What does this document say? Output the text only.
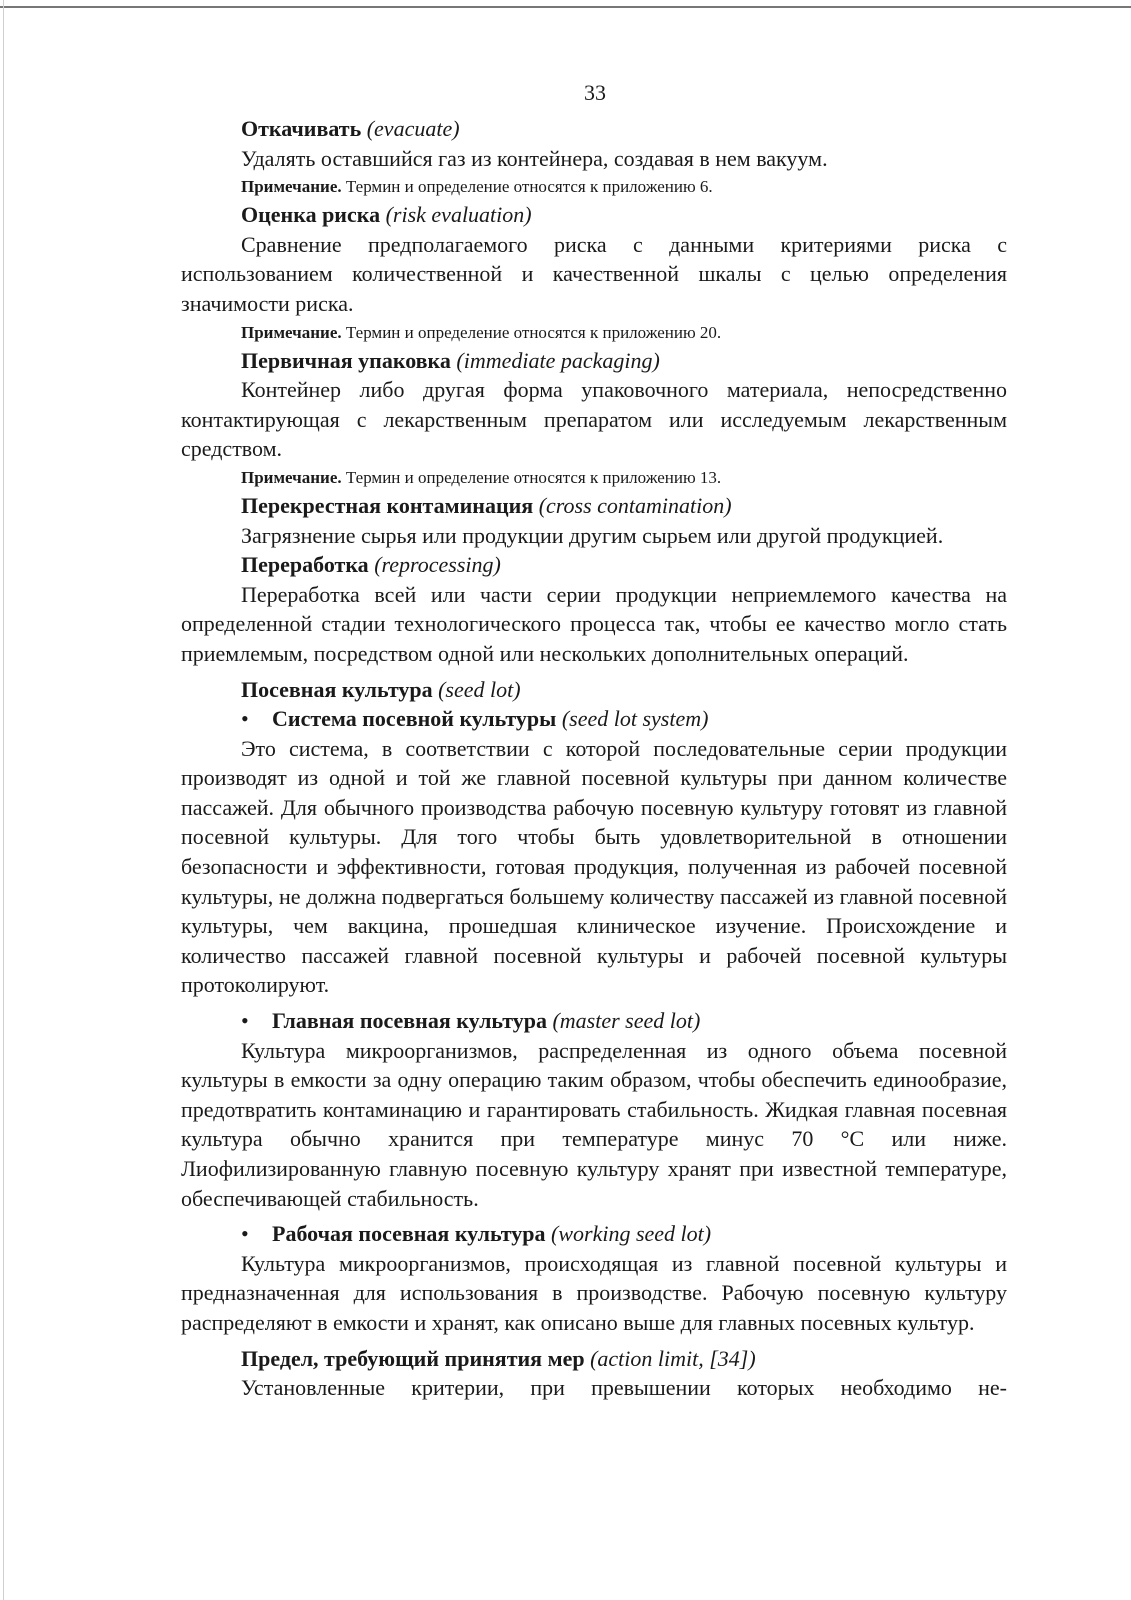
33

Откачивать (evacuate)

Удалять оставшийся газ из контейнера, создавая в нем вакуум.

Примечание. Термин и определение относятся к приложению 6.

Оценка риска (risk evaluation)

Сравнение предполагаемого риска с данными критериями риска с использованием количественной и качественной шкалы с целью определения значимости риска.

Примечание. Термин и определение относятся к приложению 20.

Первичная упаковка (immediate packaging)

Контейнер либо другая форма упаковочного материала, непосредственно контактирующая с лекарственным препаратом или исследуемым лекарственным средством.

Примечание. Термин и определение относятся к приложению 13.

Перекрестная контаминация (cross contamination)

Загрязнение сырья или продукции другим сырьем или другой продукцией.

Переработка (reprocessing)

Переработка всей или части серии продукции неприемлемого качества на определенной стадии технологического процесса так, чтобы ее качество могло стать приемлемым, посредством одной или нескольких дополнительных операций.

Посевная культура (seed lot)

• Система посевной культуры (seed lot system)

Это система, в соответствии с которой последовательные серии продукции производят из одной и той же главной посевной культуры при данном количестве пассажей. Для обычного производства рабочую посевную культуру готовят из главной посевной культуры. Для того чтобы быть удовлетворительной в отношении безопасности и эффективности, готовая продукция, полученная из рабочей посевной культуры, не должна подвергаться большему количеству пассажей из главной посевной культуры, чем вакцина, прошедшая клиническое изучение. Происхождение и количество пассажей главной посевной культуры и рабочей посевной культуры протоколируют.

• Главная посевная культура (master seed lot)

Культура микроорганизмов, распределенная из одного объема посевной культуры в емкости за одну операцию таким образом, чтобы обеспечить единообразие, предотвратить контаминацию и гарантировать стабильность. Жидкая главная посевная культура обычно хранится при температуре минус 70 °С или ниже. Лиофилизированную главную посевную культуру хранят при известной температуре, обеспечивающей стабильность.

• Рабочая посевная культура (working seed lot)

Культура микроорганизмов, происходящая из главной посевной культуры и предназначенная для использования в производстве. Рабочую посевную культуру распределяют в емкости и хранят, как описано выше для главных посевных культур.

Предел, требующий принятия мер (action limit, [34])

Установленные критерии, при превышении которых необходимо не-
